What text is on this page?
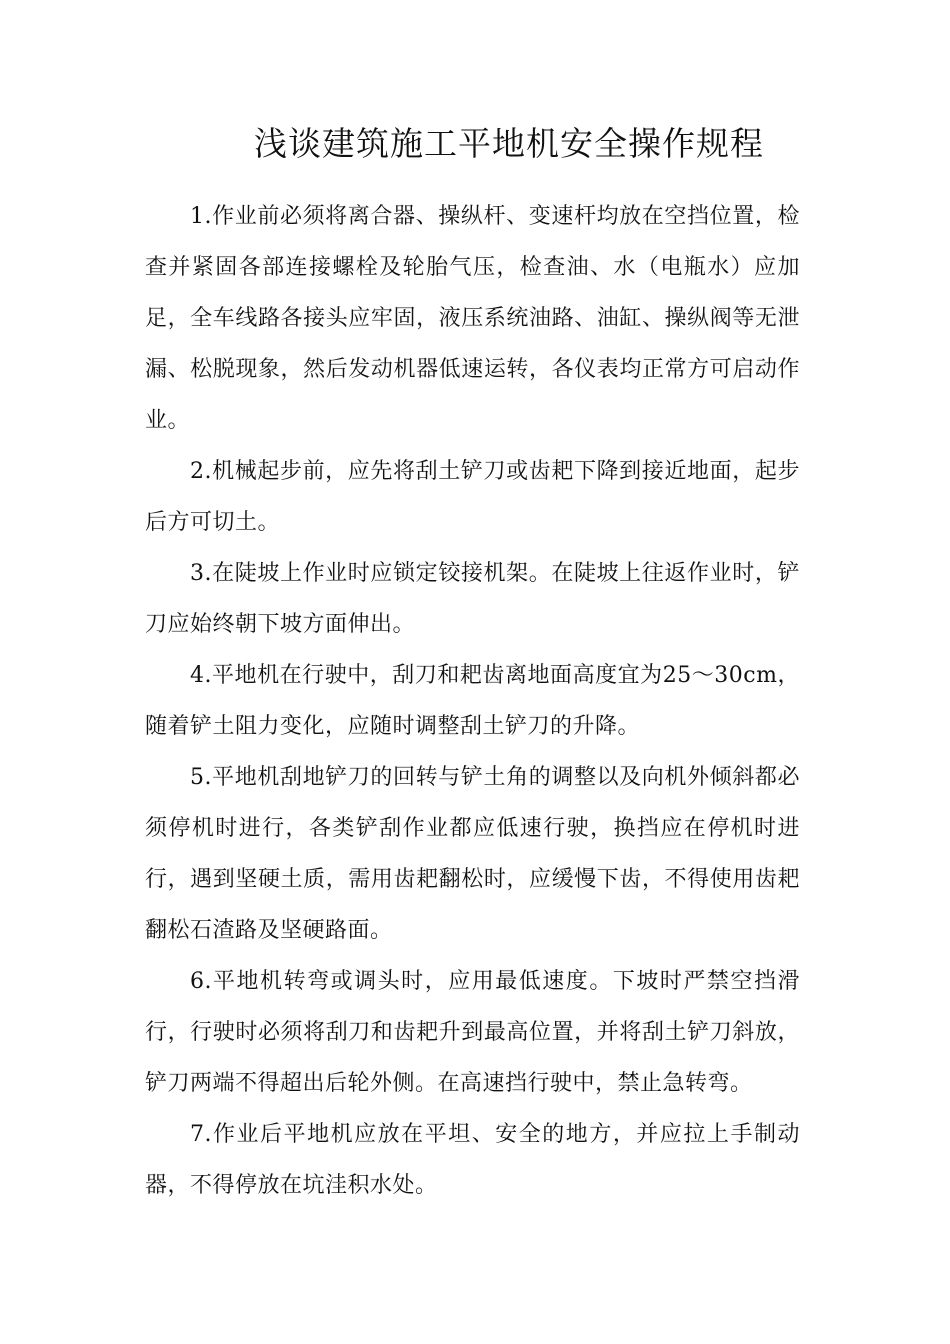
浅谈建筑施工平地机安全操作规程

1.作业前必须将离合器、操纵杆、变速杆均放在空挡位置，检查并紧固各部连接螺栓及轮胎气压，检查油、水（电瓶水）应加足，全车线路各接头应牢固，液压系统油路、油缸、操纵阀等无泄漏、松脱现象，然后发动机器低速运转，各仪表均正常方可启动作业。

2.机械起步前，应先将刮土铲刀或齿耙下降到接近地面，起步后方可切土。

3.在陡坡上作业时应锁定铰接机架。在陡坡上往返作业时，铲刀应始终朝下坡方面伸出。

4.平地机在行驶中，刮刀和耙齿离地面高度宜为25～30cm，随着铲土阻力变化，应随时调整刮土铲刀的升降。

5.平地机刮地铲刀的回转与铲土角的调整以及向机外倾斜都必须停机时进行，各类铲刮作业都应低速行驶，换挡应在停机时进行，遇到坚硬土质，需用齿耙翻松时，应缓慢下齿，不得使用齿耙翻松石渣路及坚硬路面。

6.平地机转弯或调头时，应用最低速度。下坡时严禁空挡滑行，行驶时必须将刮刀和齿耙升到最高位置，并将刮土铲刀斜放，铲刀两端不得超出后轮外侧。在高速挡行驶中，禁止急转弯。

7.作业后平地机应放在平坦、安全的地方，并应拉上手制动器，不得停放在坑洼积水处。
